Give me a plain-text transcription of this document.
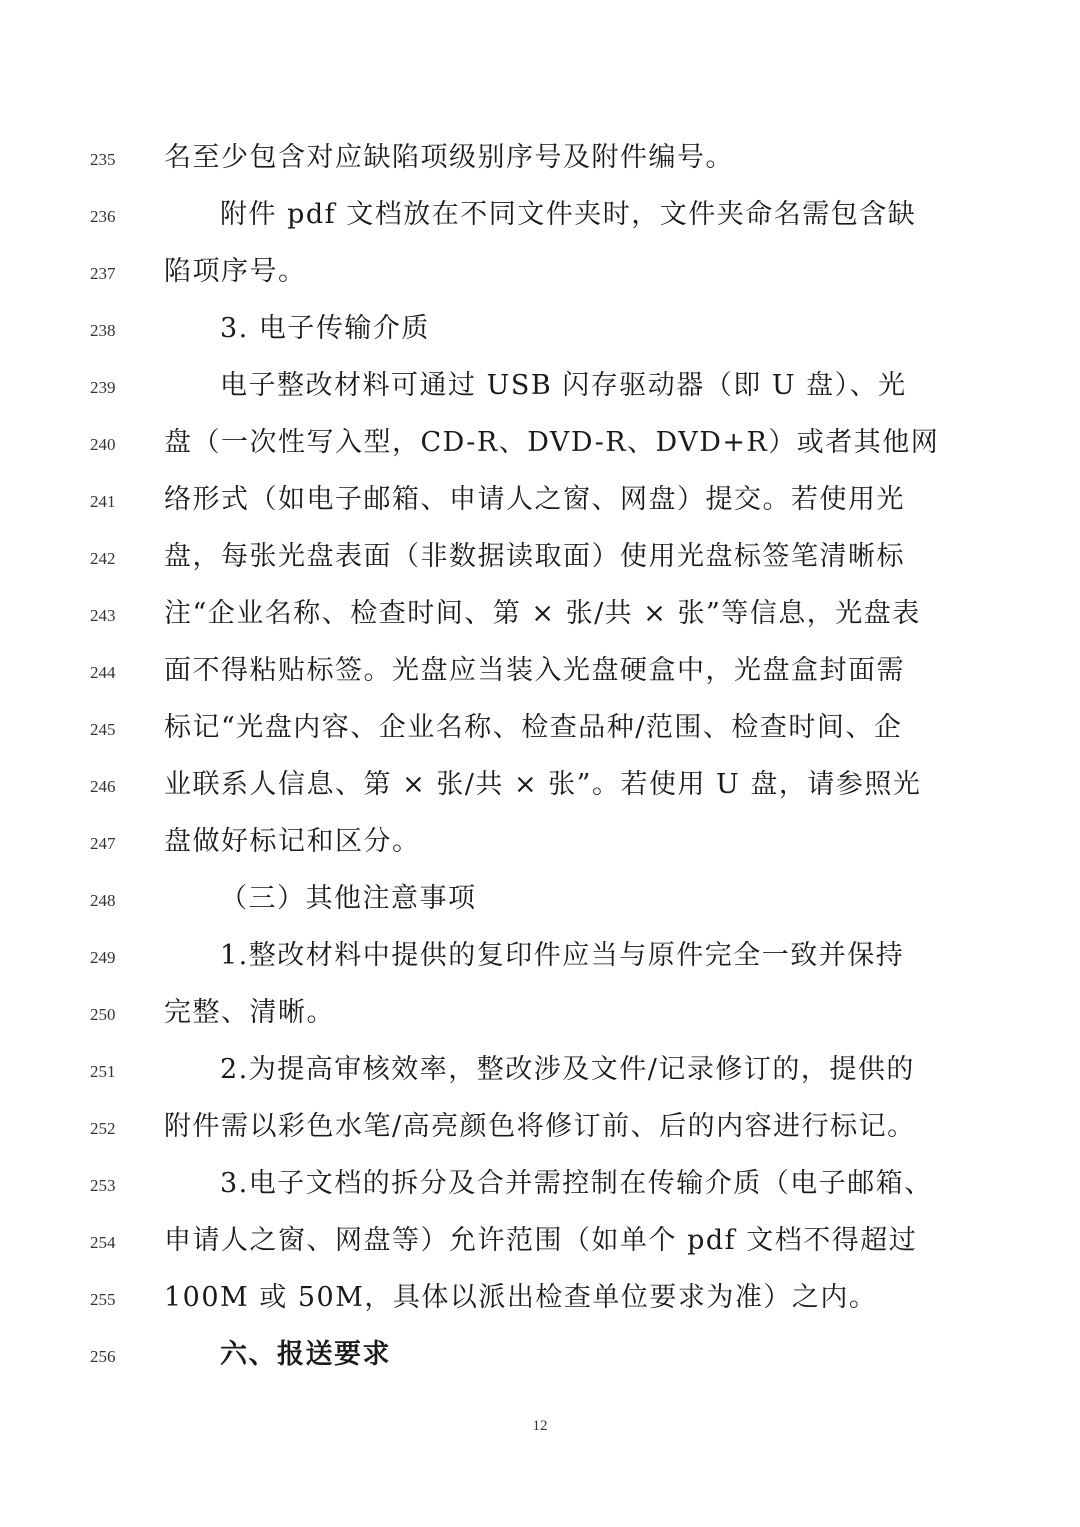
235	名至少包含对应缺陷项级别序号及附件编号。
236	附件 pdf 文档放在不同文件夹时，文件夹命名需包含缺
237	陷项序号。
238	3. 电子传输介质
239	电子整改材料可通过 USB 闪存驱动器（即 U 盘）、光
240	盘（一次性写入型，CD-R、DVD-R、DVD+R）或者其他网
241	络形式（如电子邮箱、申请人之窗、网盘）提交。若使用光
242	盘，每张光盘表面（非数据读取面）使用光盘标签笔清晰标
243	注“企业名称、检查时间、第 × 张/共 × 张”等信息，光盘表
244	面不得粘贴标签。光盘应当装入光盘硬盒中，光盘盒封面需
245	标记“光盘内容、企业名称、检查品种/范围、检查时间、企
246	业联系人信息、第 × 张/共 × 张”。若使用 U 盘，请参照光
247	盘做好标记和区分。
248	（三）其他注意事项
249	1.整改材料中提供的复印件应当与原件完全一致并保持
250	完整、清晰。
251	2.为提高审核效率，整改涉及文件/记录修订的，提供的
252	附件需以彩色水笔/高亮颜色将修订前、后的内容进行标记。
253	3.电子文档的拆分及合并需控制在传输介质（电子邮箱、
254	申请人之窗、网盘等）允许范围（如单个 pdf 文档不得超过
255	100M 或 50M，具体以派出检查单位要求为准）之内。
256	六、报送要求
12
